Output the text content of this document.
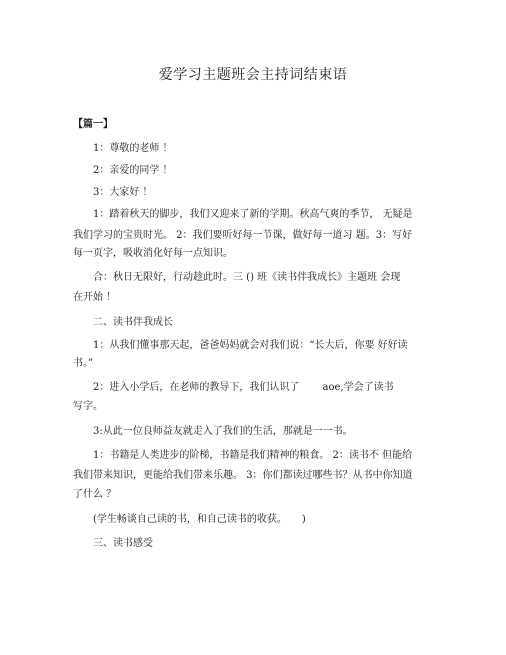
爱学习主题班会主持词结束语

【篇一】

1：尊敬的老师 ！

2：亲爱的同学 ！

3：大家好 ！

1：踏着秋天的脚步，我们又迎来了新的学期。秋高气爽的季节， 无疑是

我们学习的宝贵时光。 2：我们要听好每一节课，做好每一道习 题。3：写好

每一页字，吸收消化好每一点知识。

合：秋日无限好，行动趁此时。三 () 班《读书伴我成长》主题班 会现

在开始 ！

二、读书伴我成长

1：从我们懂事那天起，爸爸妈妈就会对我们说：“长大后，你要 好好读

书。”

2：进入小学后，在老师的教导下，我们认识了　　 aoe,学会了读书

写字。

3:从此一位良师益友就走入了我们的生活，那就是一一书。

1：书籍是人类进步的阶梯，书籍是我们精神的粮食。 2：读书不 但能给

我们带来知识，更能给我们带来乐趣。 3：你们都读过哪些书？从书中你知道

了什么 ？

(学生畅谈自己读的书，和自己读书的收获。　　)

三、读书感受
